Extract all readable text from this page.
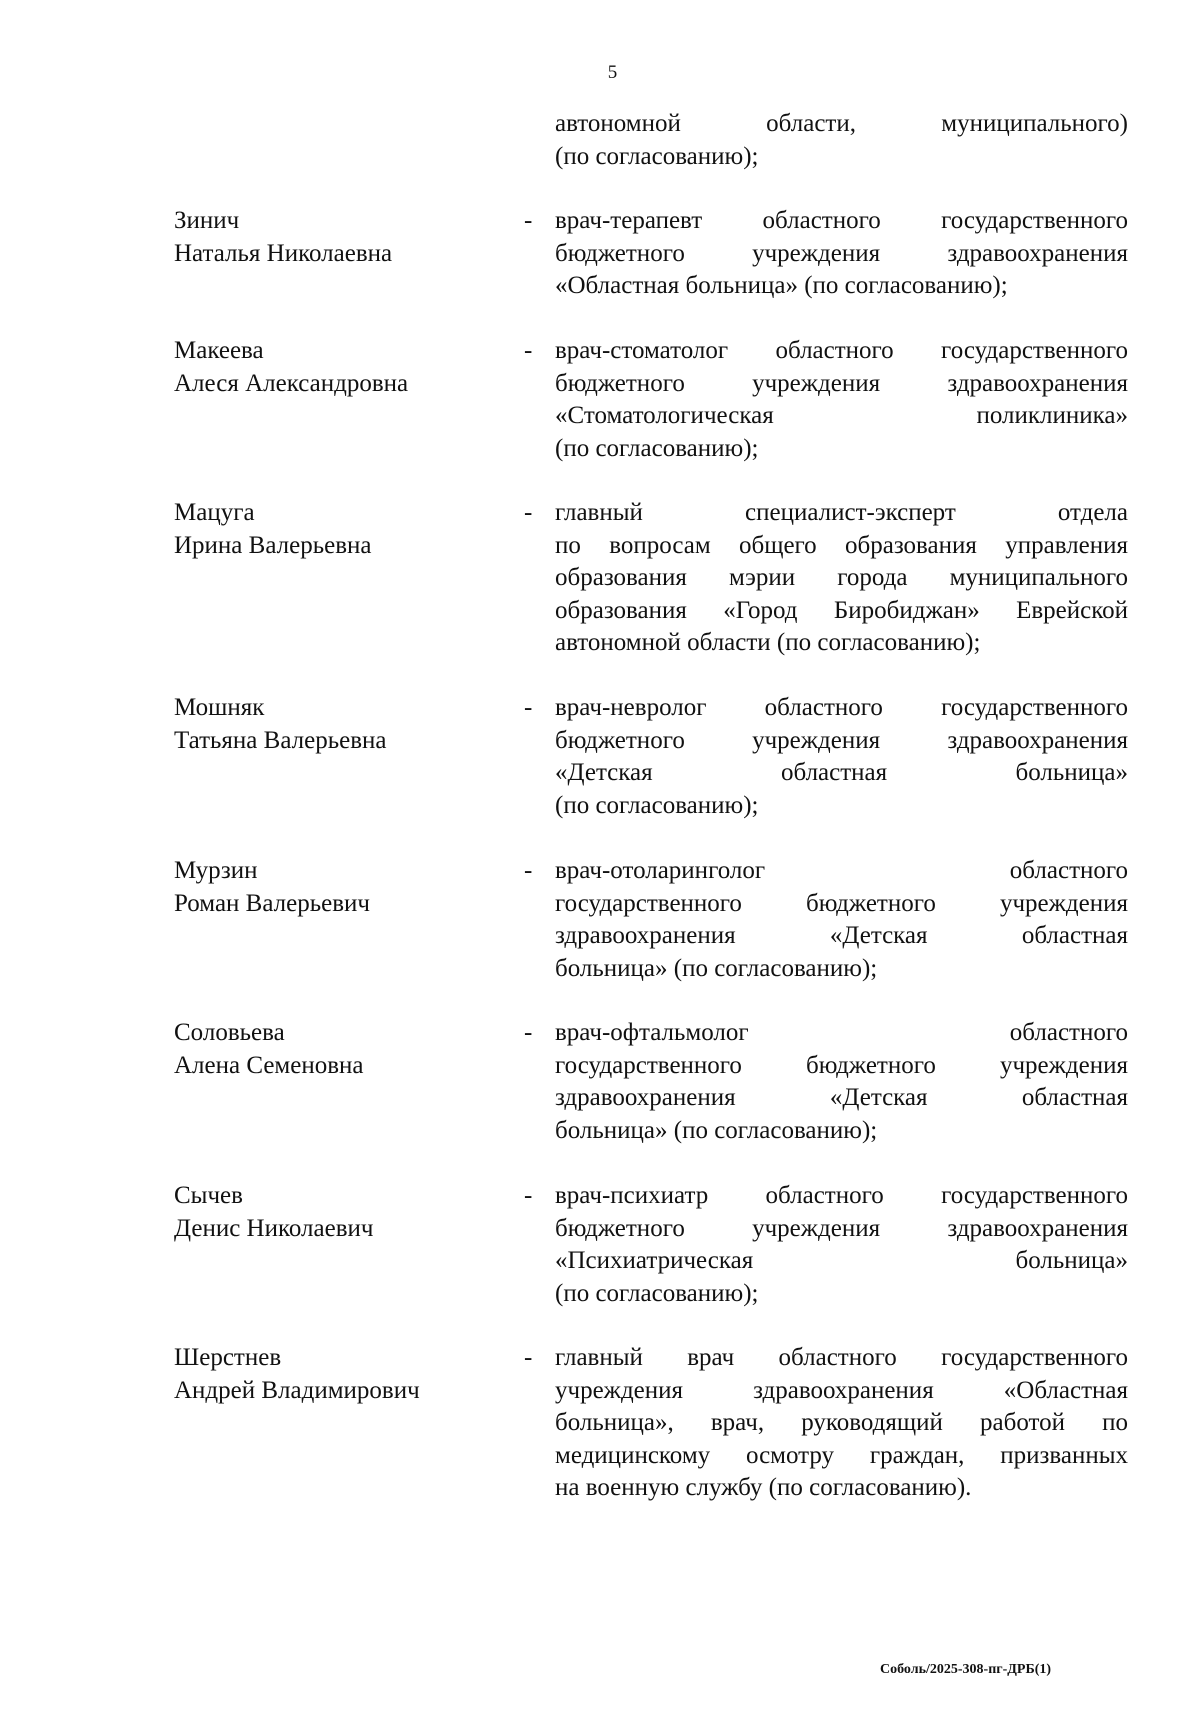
5
автономной области, муниципального)
(по согласованию);
Зинич
Наталья Николаевна
- врач-терапевт областного государственного
бюджетного учреждения здравоохранения
«Областная больница» (по согласованию);
Макеева
Алеся Александровна
- врач-стоматолог областного государственного
бюджетного учреждения здравоохранения
«Стоматологическая поликлиника»
(по согласованию);
Мацуга
Ирина Валерьевна
- главный специалист-эксперт отдела
по вопросам общего образования управления
образования мэрии города муниципального
образования «Город Биробиджан» Еврейской
автономной области (по согласованию);
Мошняк
Татьяна Валерьевна
- врач-невролог областного государственного
бюджетного учреждения здравоохранения
«Детская областная больница»
(по согласованию);
Мурзин
Роман Валерьевич
- врач-отоларинголог областного
государственного бюджетного учреждения
здравоохранения «Детская областная
больница» (по согласованию);
Соловьева
Алена Семеновна
- врач-офтальмолог областного
государственного бюджетного учреждения
здравоохранения «Детская областная
больница» (по согласованию);
Сычев
Денис Николаевич
- врач-психиатр областного государственного
бюджетного учреждения здравоохранения
«Психиатрическая больница»
(по согласованию);
Шерстнев
Андрей Владимирович
- главный врач областного государственного
учреждения здравоохранения «Областная
больница», врач, руководящий работой по
медицинскому осмотру граждан, призванных
на военную службу (по согласованию).
Соболь/2025-308-пг-ДРБ(1)
